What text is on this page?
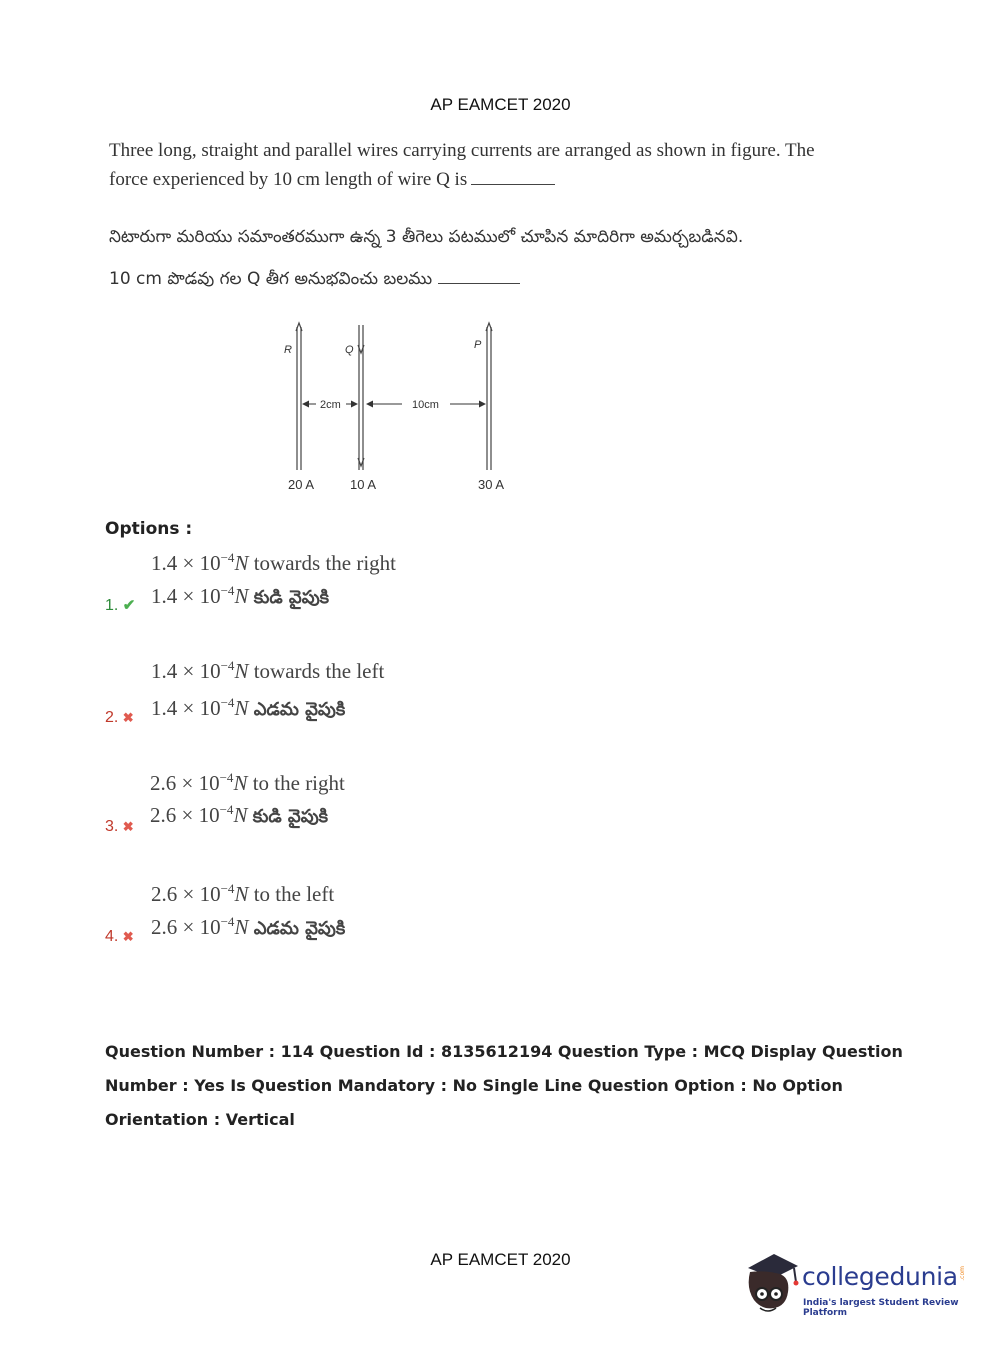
AP EAMCET 2020
Three long, straight and parallel wires carrying currents are arranged as shown in figure. The
force experienced by 10 cm length of wire Q is
నిటారుగా మరియు సమాంతరముగా ఉన్న 3 తీగెలు పటములో చూపిన మాదిరిగా అమర్చబడినవి.
10 cm పొడవు గల Q తీగ అనుభవించు బలము
R	Q	P
2cm	10cm
20 A	10 A	30 A
Options :
$1.4 \times 10^{-4}N$ towards the right
$1.4 \times 10^{-4}N$ కుడి వైపుకి
1. ✔
$1.4 \times 10^{-4}N$ towards the left
$1.4 \times 10^{-4}N$ ఎడమ వైపుకి
2. ✖
$2.6 \times 10^{-4}N$ to the right
$2.6 \times 10^{-4}N$ కుడి వైపుకి
3. ✖
$2.6 \times 10^{-4}N$ to the left
$2.6 \times 10^{-4}N$ ఎడమ వైపుకి
4. ✖
Question Number : 114 Question Id : 8135612194 Question Type : MCQ Display Question
Number : Yes Is Question Mandatory : No Single Line Question Option : No Option
Orientation : Vertical
AP EAMCET 2020
collegedunia .com
India's largest Student Review Platform
